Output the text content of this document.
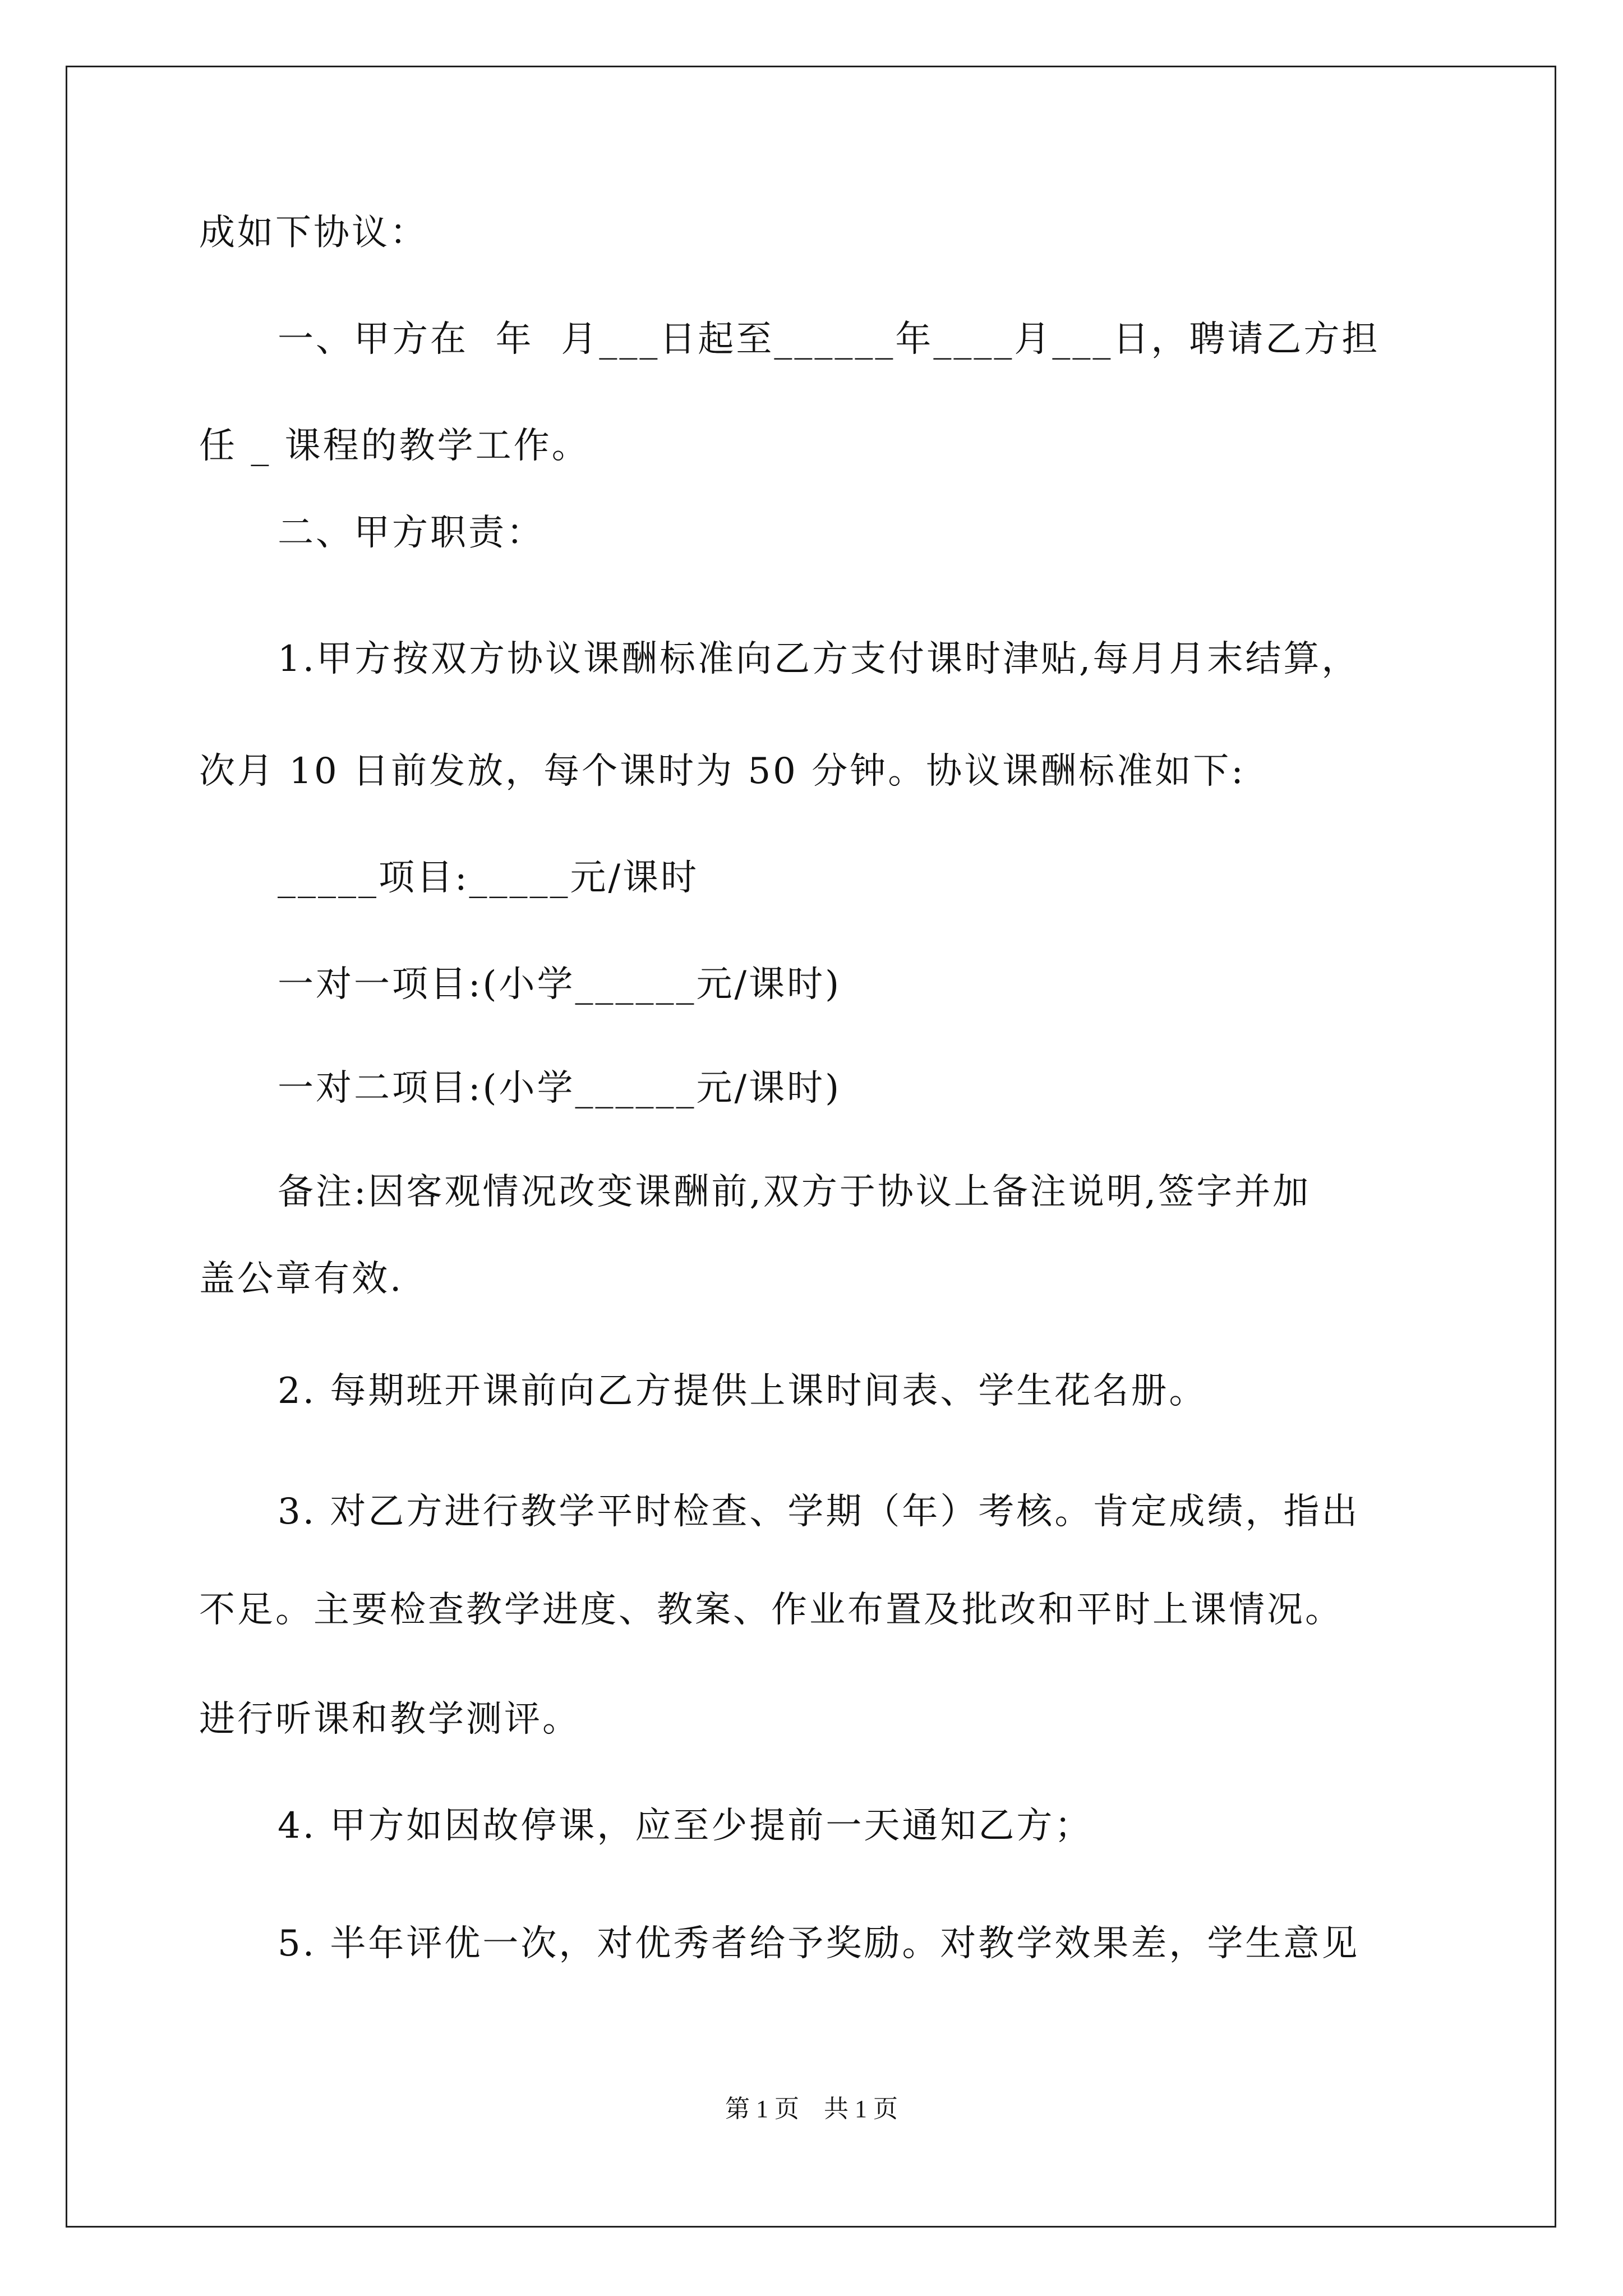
成如下协议：
一、甲方在  年  月___日起至______年____月___日，聘请乙方担
任 _ 课程的教学工作。
二、甲方职责：
1.甲方按双方协议课酬标准向乙方支付课时津贴,每月月末结算，
次月 10 日前发放，每个课时为 50 分钟。协议课酬标准如下:
_____项目:_____元/课时
一对一项目:(小学______元/课时)
一对二项目:(小学______元/课时)
备注:因客观情况改变课酬前,双方于协议上备注说明,签字并加
盖公章有效.
2. 每期班开课前向乙方提供上课时间表、学生花名册。
3. 对乙方进行教学平时检查、学期（年）考核。肯定成绩，指出
不足。主要检查教学进度、教案、作业布置及批改和平时上课情况。
进行听课和教学测评。
4. 甲方如因故停课，应至少提前一天通知乙方；
5. 半年评优一次，对优秀者给予奖励。对教学效果差，学生意见
第 1 页    共 1 页
